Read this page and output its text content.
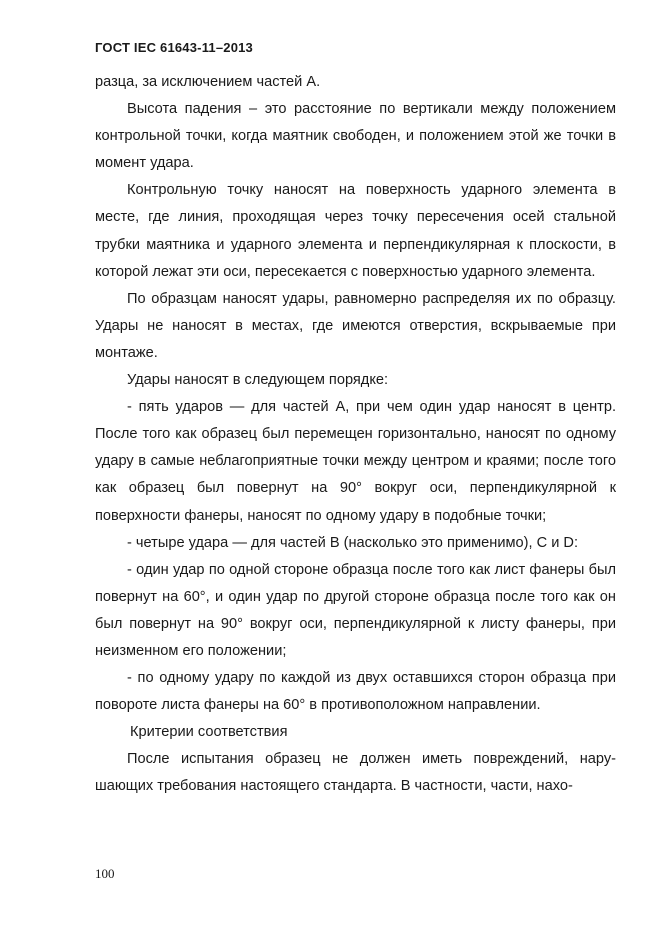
ГОСТ IEC 61643-11–2013

разца, за исключением частей А.

Высота падения – это расстояние по вертикали между положением контрольной точки, когда маятник свободен, и положением этой же точки в момент удара.

Контрольную точку наносят на поверхность ударного элемента в месте, где линия, проходящая через точку пересечения осей стальной трубки маятника и ударного элемента и перпендикулярная к плоскости, в которой лежат эти оси, пересекается с поверхностью ударного элемента.

По образцам наносят удары, равномерно распределяя их по образцу. Удары не наносят в местах, где имеются отверстия, вскрываемые при монтаже.

Удары наносят в следующем порядке:

- пять ударов — для частей А, при чем один удар наносят в центр. После того как образец был перемещен горизонтально, наносят по одному удару в самые неблагоприятные точки между центром и краями; после того как образец был повернут на 90° вокруг оси, перпендикулярной к поверхности фанеры, наносят по одному удару в подобные точки;

- четыре удара — для частей B (насколько это применимо), C и D:

- один удар по одной стороне образца после того как лист фанеры был повернут на 60°, и один удар по другой стороне образца после того как он был повернут на 90° вокруг оси, перпендикулярной к листу фанеры, при неизменном его положении;

- по одному удару по каждой из двух оставшихся сторон образца при повороте листа фанеры на 60° в противоположном направлении.

Критерии соответствия

После испытания образец не должен иметь повреждений, нарушающих требования настоящего стандарта. В частности, части, нахо-

100
